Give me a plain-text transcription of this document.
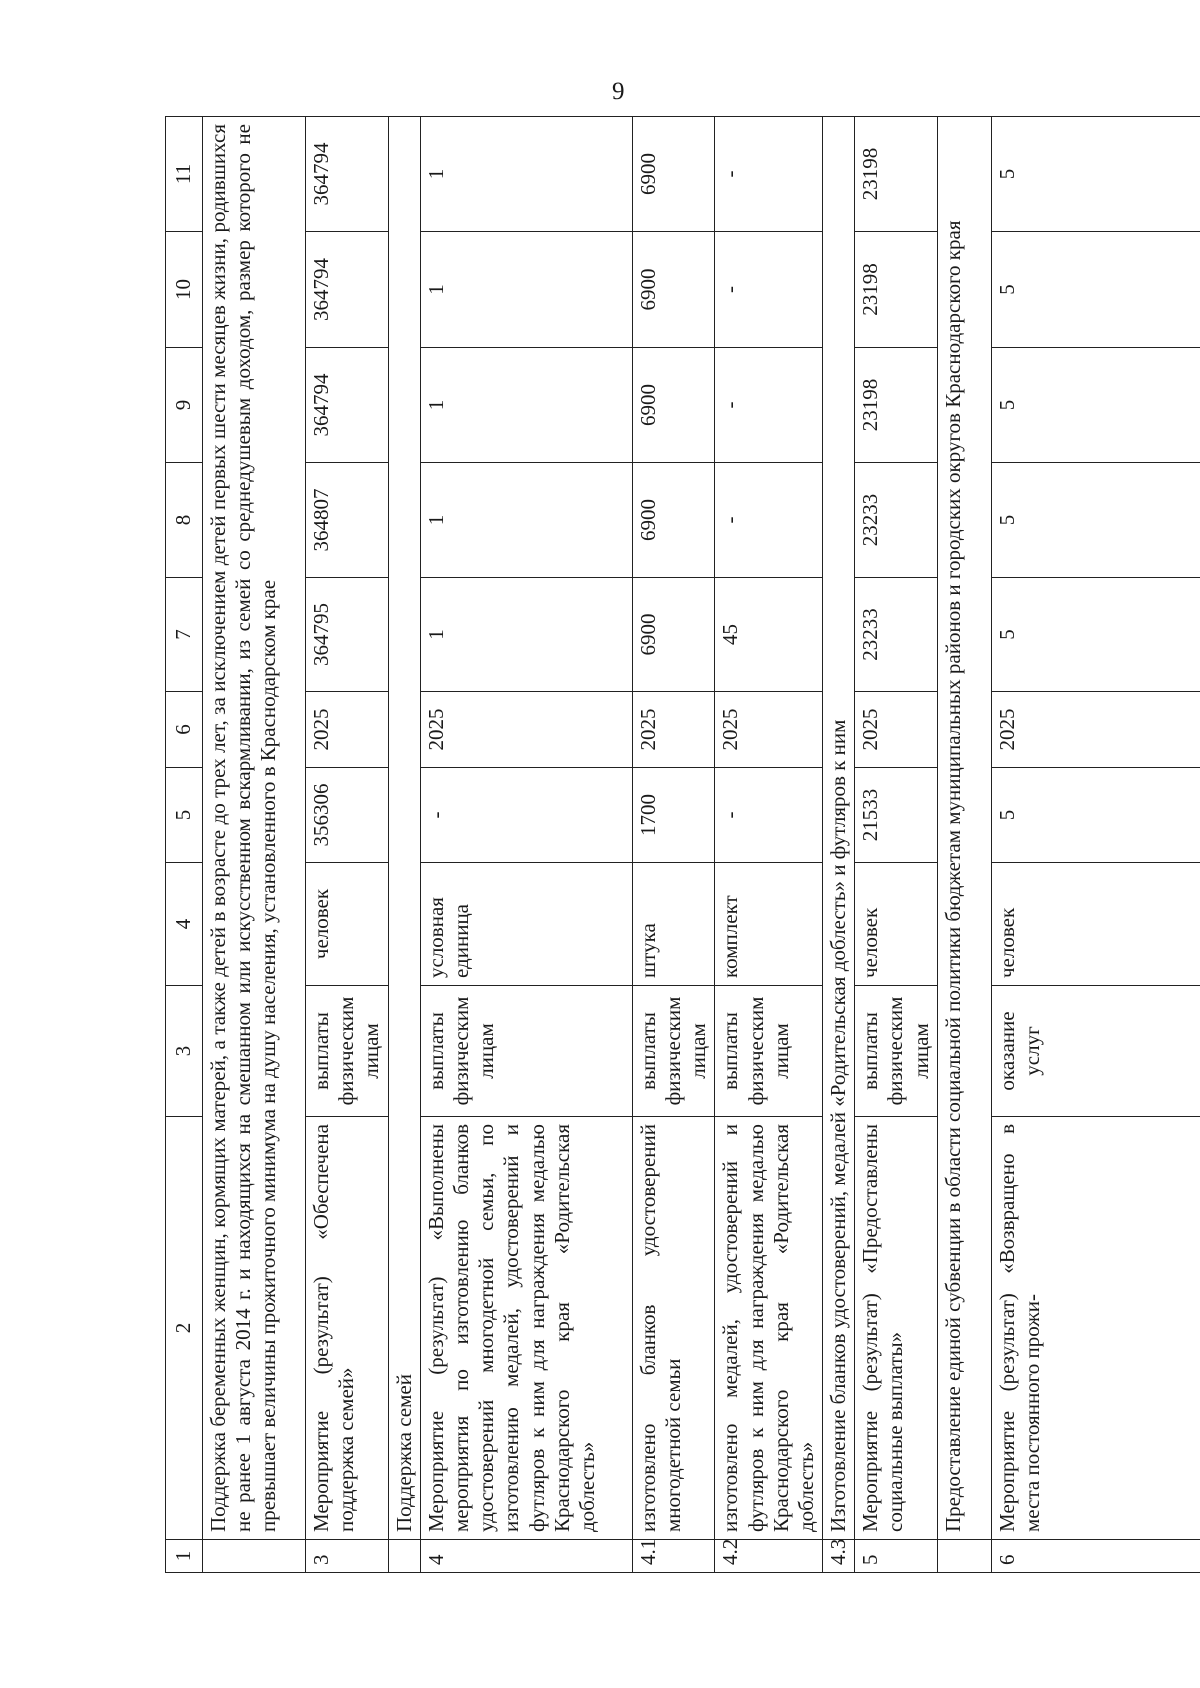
9
1	2	3	4	5	6	7	8	9	10	11
	Поддержка беременных женщин, кормящих матерей, а также детей в возрасте до трех лет, за исключением детей первых шести месяцев жизни, родившихся не ранее 1 августа 2014 г. и находящихся на смешанном или искусственном вскармливании, из семей со среднедушевым доходом, размер которого не превышает величины прожиточного минимума на душу населения, установленного в Краснодарском крае									
3	Мероприятие (результат) «Обеспечена поддержка семей»	выплаты физическим лицам	человек	356306	2025	364795	364807	364794	364794	364794
	Поддержка семей									
4	Мероприятие (результат) «Выполнены мероприятия по изготовлению бланков удостоверений многодетной семьи, по изготовлению медалей, удостоверений и футляров к ним для награждения медалью Краснодарского края «Родительская доблесть»	выплаты физическим лицам	условная единица	-	2025	1	1	1	1	1
4.1	изготовлено бланков удостоверений многодетной семьи	выплаты физическим лицам	штука	1700	2025	6900	6900	6900	6900	6900
4.2	изготовлено медалей, удостоверений и футляров к ним для награждения медалью Краснодарского края «Родительская доблесть»	выплаты физическим лицам	комплект	-	2025	45	-	-	-	-
4.3	Изготовление бланков удостоверений, медалей «Родительская доблесть» и футляров к ним									
5	Мероприятие (результат) «Предоставлены социальные выплаты»	выплаты физическим лицам	человек	21533	2025	23233	23233	23198	23198	23198
	Предоставление единой субвенции в области социальной политики бюджетам муниципальных районов и городских округов Краснодарского края									
6	Мероприятие (результат) «Возвращено в места постоянного прожи-	оказание услуг	человек	5	2025	5	5	5	5	5
